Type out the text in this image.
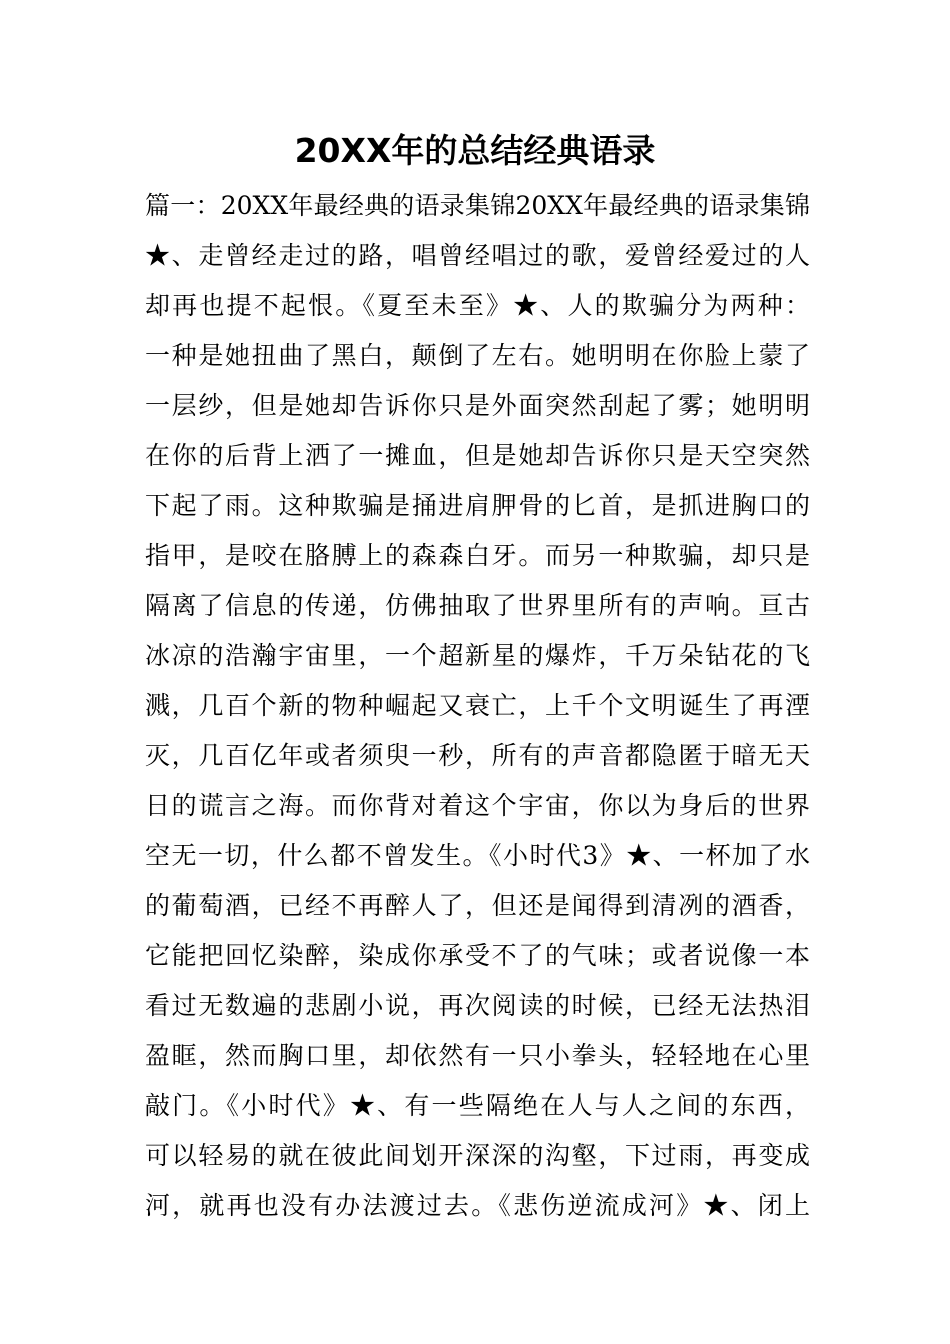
20XX年的总结经典语录
篇一：20XX年最经典的语录集锦20XX年最经典的语录集锦
★、走曾经走过的路，唱曾经唱过的歌，爱曾经爱过的人
却再也提不起恨。《夏至未至》★、人的欺骗分为两种：
一种是她扭曲了黑白，颠倒了左右。她明明在你脸上蒙了
一层纱，但是她却告诉你只是外面突然刮起了雾；她明明
在你的后背上洒了一摊血，但是她却告诉你只是天空突然
下起了雨。这种欺骗是捅进肩胛骨的匕首，是抓进胸口的
指甲，是咬在胳膊上的森森白牙。而另一种欺骗，却只是
隔离了信息的传递，仿佛抽取了世界里所有的声响。亘古
冰凉的浩瀚宇宙里，一个超新星的爆炸，千万朵钻花的飞
溅，几百个新的物种崛起又衰亡，上千个文明诞生了再湮
灭，几百亿年或者须臾一秒，所有的声音都隐匿于暗无天
日的谎言之海。而你背对着这个宇宙，你以为身后的世界
空无一切，什么都不曾发生。《小时代3》★、一杯加了水
的葡萄酒，已经不再醉人了，但还是闻得到清冽的酒香，
它能把回忆染醉，染成你承受不了的气味；或者说像一本
看过无数遍的悲剧小说，再次阅读的时候，已经无法热泪
盈眶，然而胸口里，却依然有一只小拳头，轻轻地在心里
敲门。《小时代》★、有一些隔绝在人与人之间的东西，
可以轻易的就在彼此间划开深深的沟壑，下过雨，再变成
河，就再也没有办法渡过去。《悲伤逆流成河》★、闭上
